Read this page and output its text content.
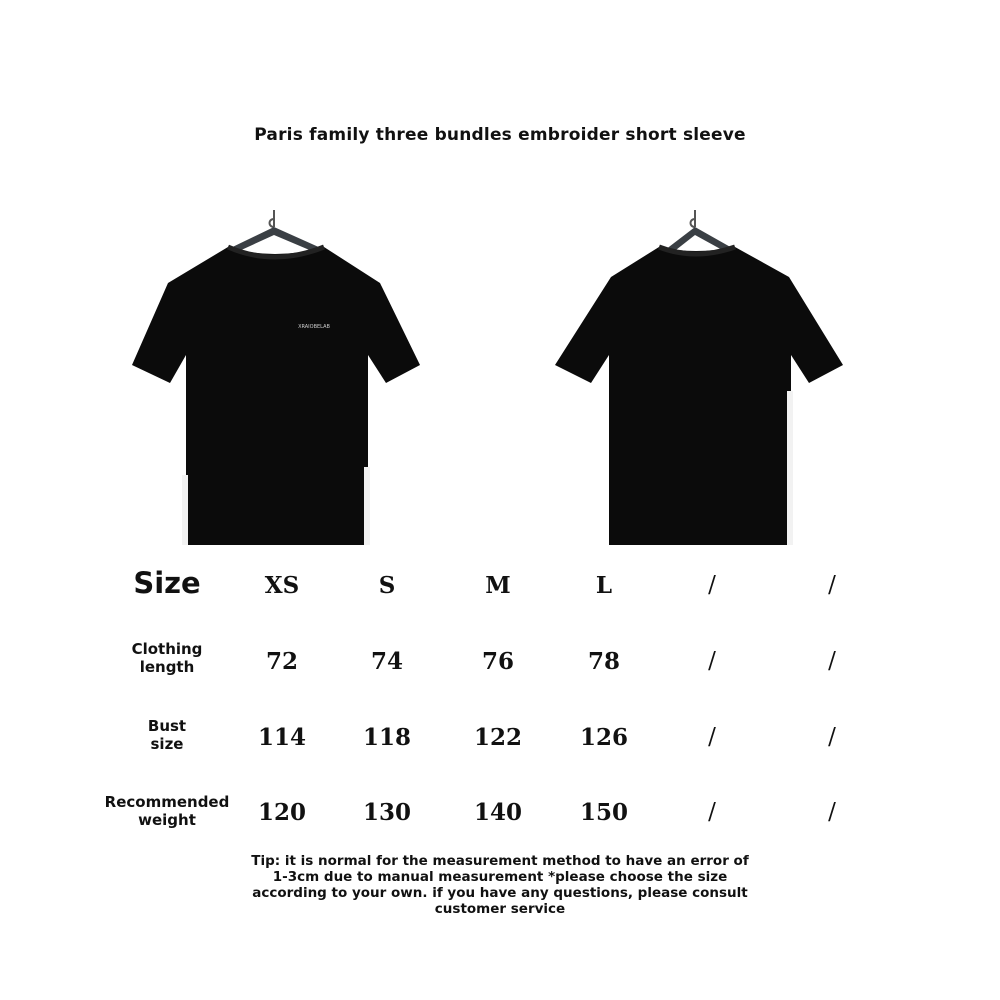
Paris family three bundles embroider short sleeve
XRAIOBELAB
Size	XS	S	M	L	/	/
Clothing
length	72	74	76	78	/	/
Bust
size	114	118	122	126	/	/
Recommended
weight	120	130	140	150	/	/
Tip: it is normal for the measurement method to have an error of
1-3cm due to manual measurement *please choose the size
according to your own. if you have any questions, please consult
customer service
